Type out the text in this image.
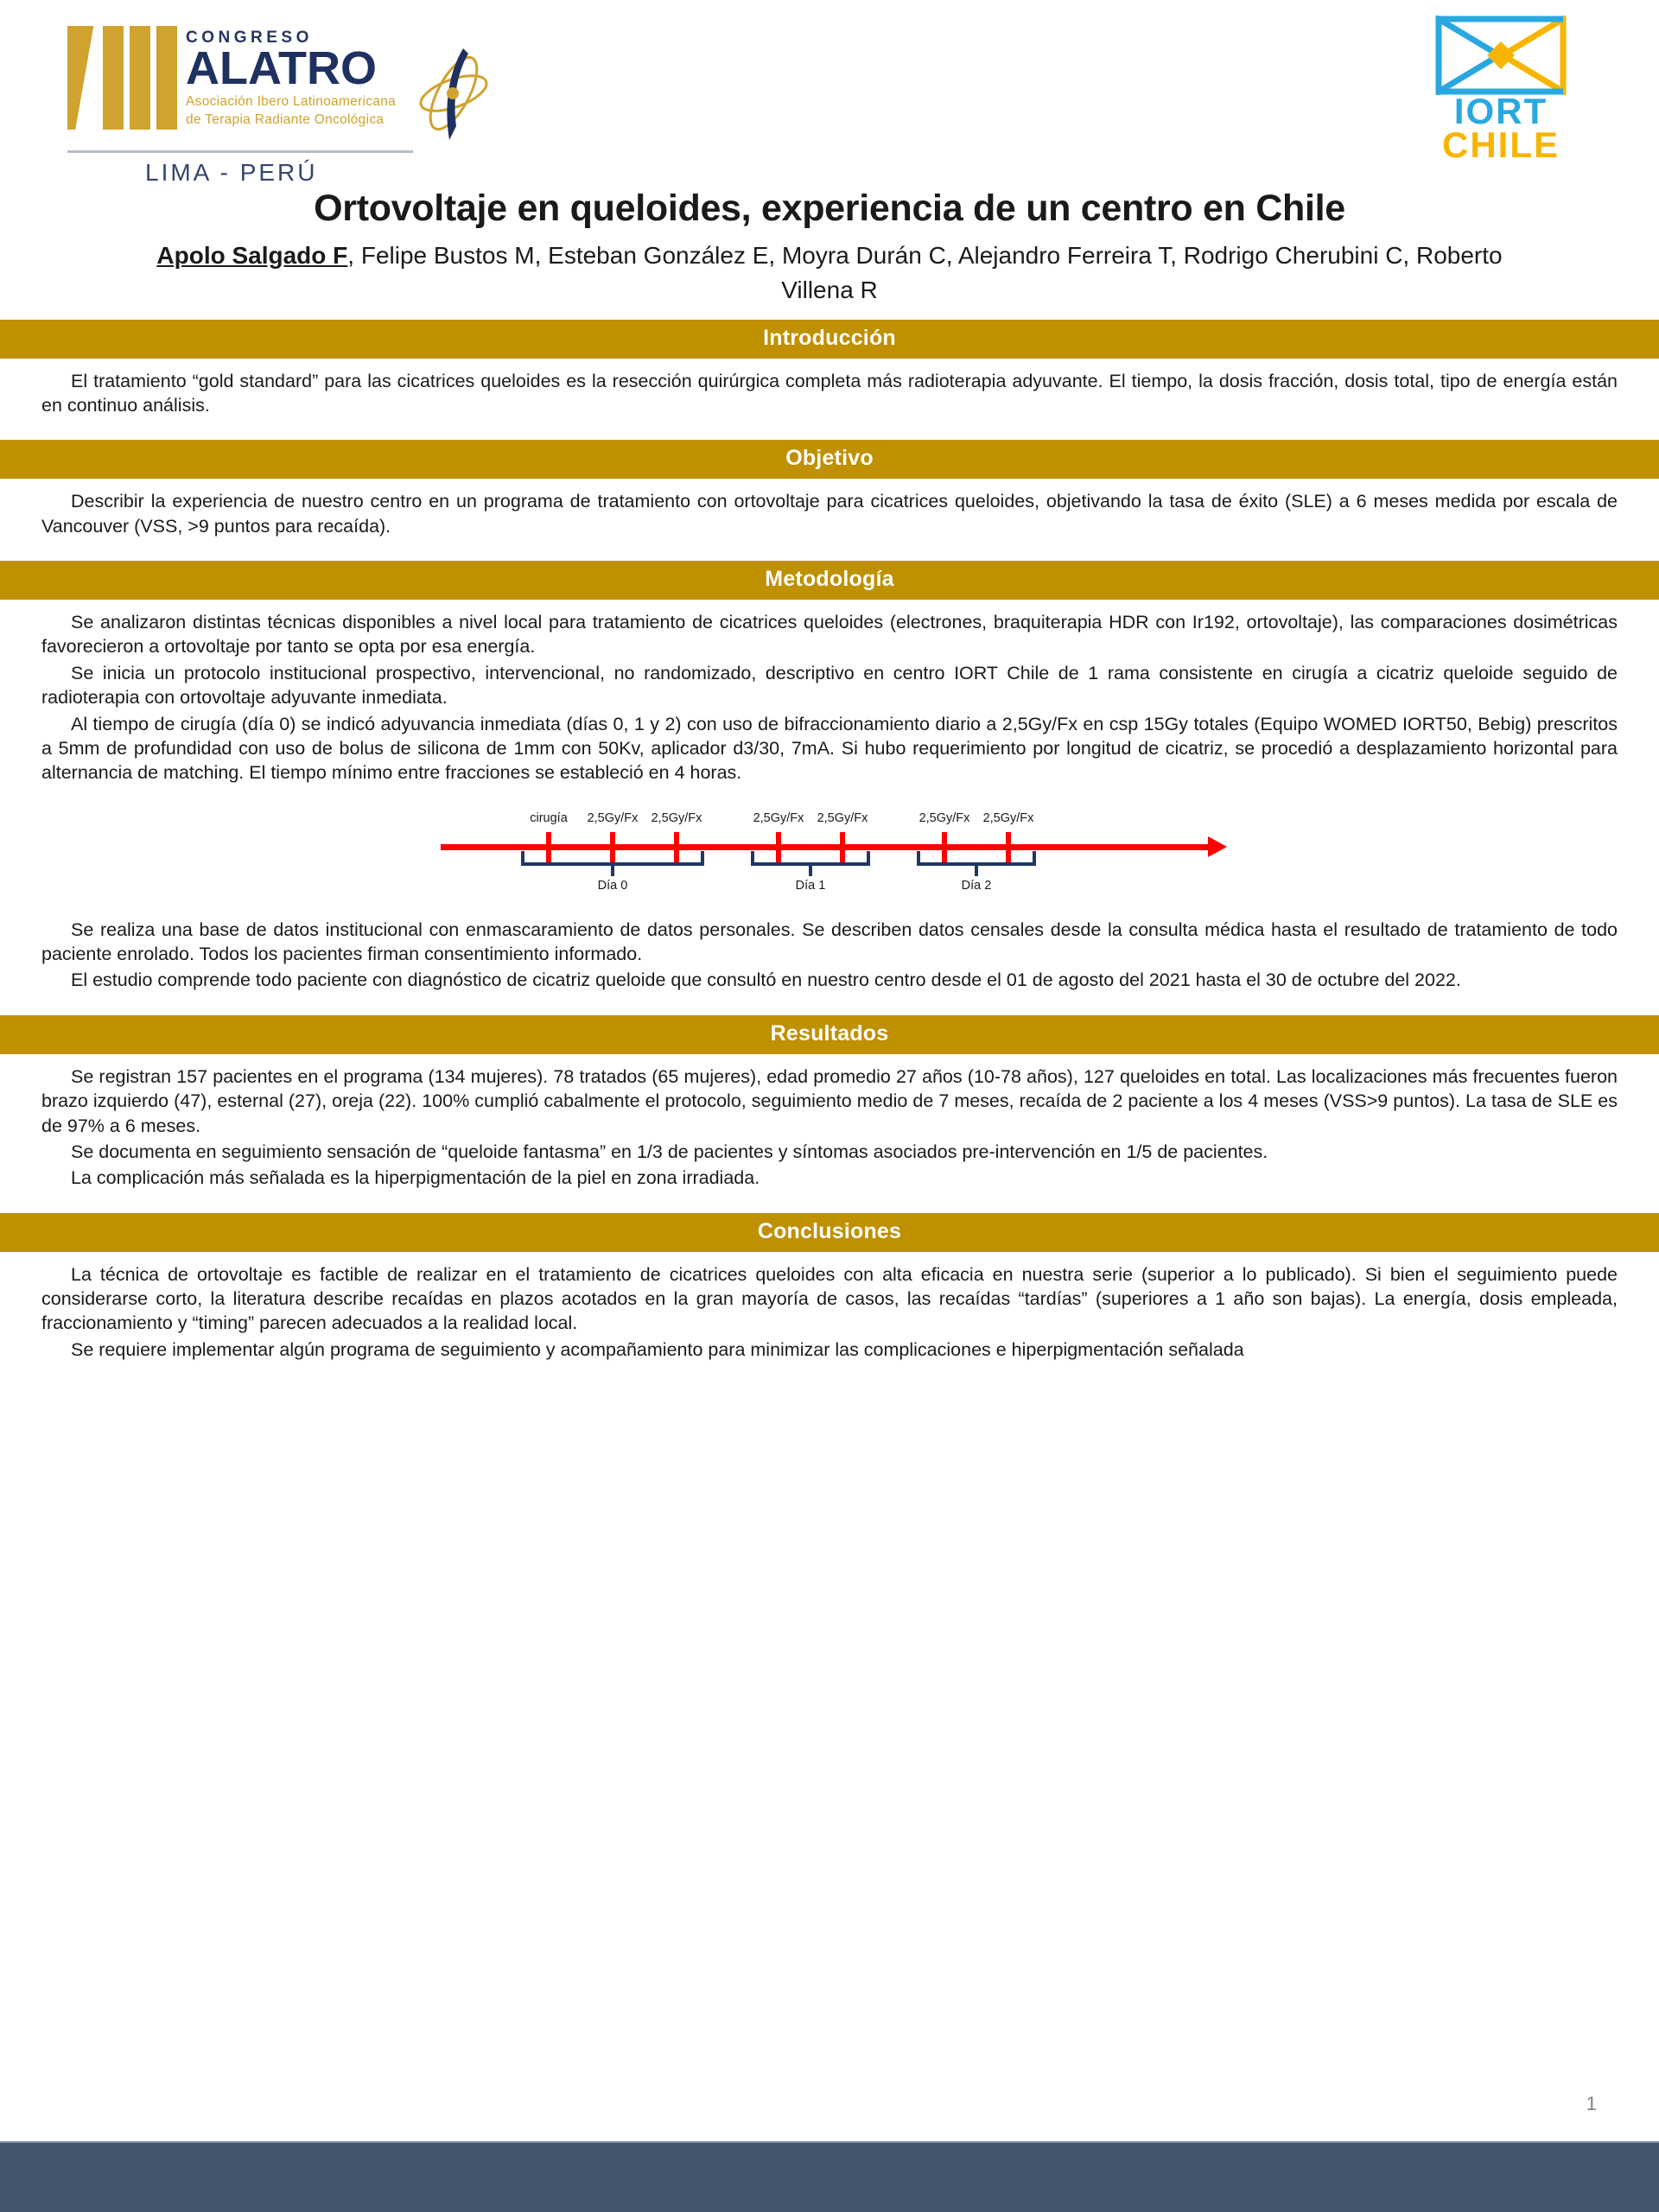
CONGRESO
ALATRO
Asociación Ibero Latinoamericana
de Terapia Radiante Oncológica
LIMA - PERÚ
IORT
CHILE
Ortovoltaje en queloides, experiencia de un centro en Chile
Apolo Salgado F, Felipe Bustos M, Esteban González E, Moyra Durán C, Alejandro Ferreira T, Rodrigo Cherubini C, Roberto Villena R
Introducción

El tratamiento “gold standard” para las cicatrices queloides es la resección quirúrgica completa más radioterapia adyuvante. El tiempo, la dosis fracción, dosis total, tipo de energía están en continuo análisis.

Objetivo

Describir la experiencia de nuestro centro en un programa de tratamiento con ortovoltaje para cicatrices queloides, objetivando la tasa de éxito (SLE) a 6 meses medida por escala de Vancouver (VSS, >9 puntos para recaída).

Metodología

Se analizaron distintas técnicas disponibles a nivel local para tratamiento de cicatrices queloides (electrones, braquiterapia HDR con Ir192, ortovoltaje), las comparaciones dosimétricas favorecieron a ortovoltaje por tanto se opta por esa energía.

Se inicia un protocolo institucional prospectivo, intervencional, no randomizado, descriptivo en centro IORT Chile de 1 rama consistente en cirugía a cicatriz queloide seguido de radioterapia con ortovoltaje adyuvante inmediata.

Al tiempo de cirugía (día 0) se indicó adyuvancia inmediata (días 0, 1 y 2) con uso de bifraccionamiento diario a 2,5Gy/Fx en csp 15Gy totales (Equipo WOMED IORT50, Bebig) prescritos a 5mm de profundidad con uso de bolus de silicona de 1mm con 50Kv, aplicador d3/30, 7mA. Si hubo requerimiento por longitud de cicatriz, se procedió a desplazamiento horizontal para alternancia de matching. El tiempo mínimo entre fracciones se estableció en 4 horas.

cirugía 2,5Gy/Fx 2,5Gy/Fx
Día 0
2,5Gy/Fx 2,5Gy/Fx
Día 1
2,5Gy/Fx 2,5Gy/Fx
Día 2

Se realiza una base de datos institucional con enmascaramiento de datos personales. Se describen datos censales desde la consulta médica hasta el resultado de tratamiento de todo paciente enrolado. Todos los pacientes firman consentimiento informado.

El estudio comprende todo paciente con diagnóstico de cicatriz queloide que consultó en nuestro centro desde el 01 de agosto del 2021 hasta el 30 de octubre del 2022.

Resultados

Se registran 157 pacientes en el programa (134 mujeres). 78 tratados (65 mujeres), edad promedio 27 años (10-78 años), 127 queloides en total. Las localizaciones más frecuentes fueron brazo izquierdo (47), esternal (27), oreja (22). 100% cumplió cabalmente el protocolo, seguimiento medio de 7 meses, recaída de 2 paciente a los 4 meses (VSS>9 puntos). La tasa de SLE es de 97% a 6 meses.

Se documenta en seguimiento sensación de “queloide fantasma” en 1/3 de pacientes y síntomas asociados pre-intervención en 1/5 de pacientes.

La complicación más señalada es la hiperpigmentación de la piel en zona irradiada.

Conclusiones

La técnica de ortovoltaje es factible de realizar en el tratamiento de cicatrices queloides con alta eficacia en nuestra serie (superior a lo publicado). Si bien el seguimiento puede considerarse corto, la literatura describe recaídas en plazos acotados en la gran mayoría de casos, las recaídas “tardías” (superiores a 1 año son bajas). La energía, dosis empleada, fraccionamiento y “timing” parecen adecuados a la realidad local.

Se requiere implementar algún programa de seguimiento y acompañamiento para minimizar las complicaciones e hiperpigmentación señalada

1
